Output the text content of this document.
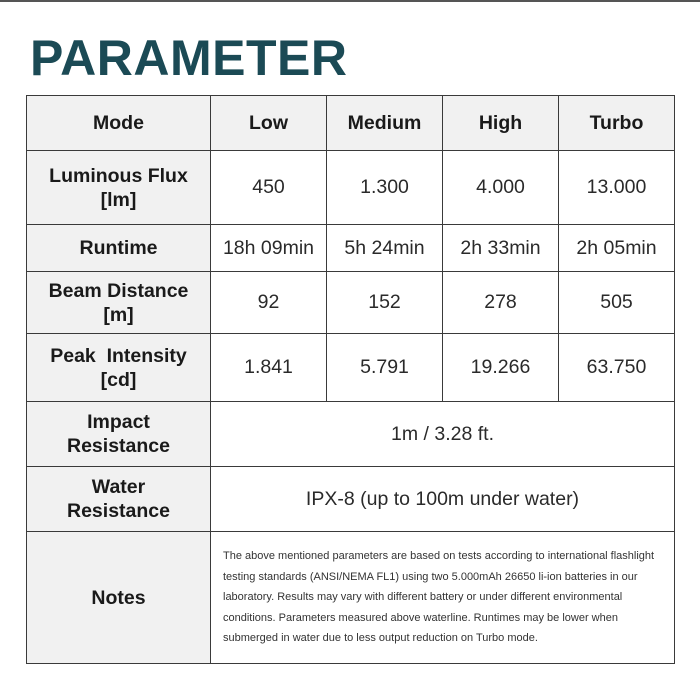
PARAMETER
Mode	Low	Medium	High	Turbo

Luminous Flux
[lm]	450	1.300	4.000	13.000
Runtime	18h 09min	5h 24min	2h 33min	2h 05min

Beam Distance
[m]	92	152	278	505

Peak  Intensity
[cd]	1.841	5.791	19.266	63.750

Impact
Resistance	1m / 3.28 ft.			

Water
Resistance	IPX-8 (up to 100m under water)			
Notes	The above mentioned parameters are based on tests according to international flashlight testing standards (ANSI/NEMA FL1) using two 5.000mAh 26650 li-ion batteries in our laboratory. Results may vary with different battery or under different environmental conditions. Parameters measured above waterline. Runtimes may be lower when submerged in water due to less output reduction on Turbo mode.			
